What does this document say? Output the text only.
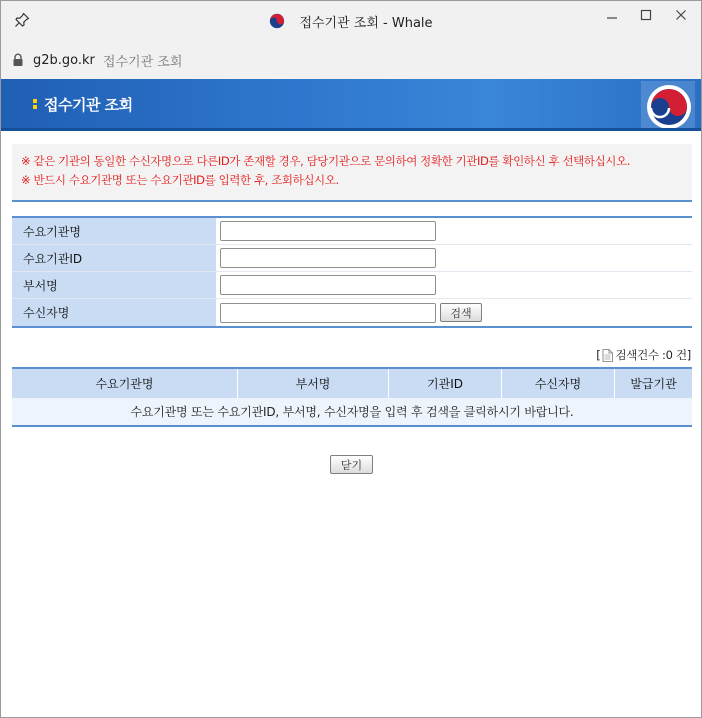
접수기관 조회 - Whale
g2b.go.kr 접수기관 조회
접수기관 조회

※ 같은 기관의 동일한 수신자명으로 다른ID가 존재할 경우, 담당기관으로 문의하여 정확한 기관ID를 확인하신 후 선택하십시오.

※ 반드시 수요기관명 또는 수요기관ID를 입력한 후, 조회하십시오.

수요기관명
수요기관ID
부서명
수신자명	검색
[ 검색건수 :0 건]
수요기관명	부서명	기관ID	수신자명	발급기관
수요기관명 또는 수요기관ID, 부서명, 수신자명을 입력 후 검색을 클릭하시기 바랍니다.
닫기
